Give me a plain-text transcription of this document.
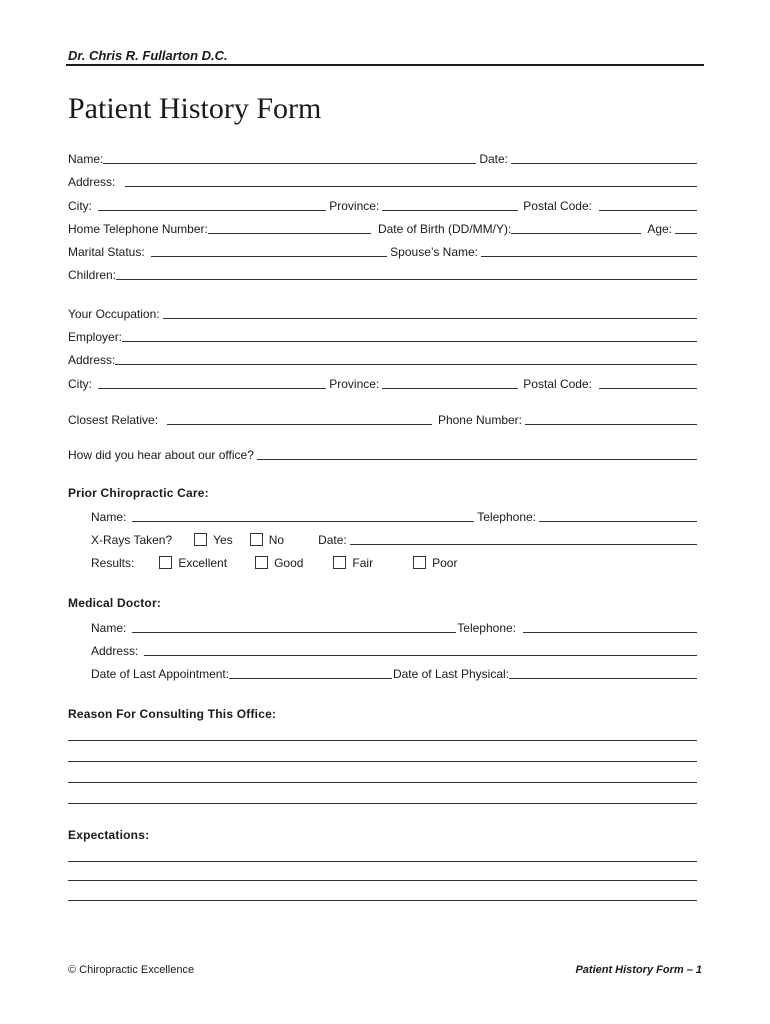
Dr. Chris R. Fullarton D.C.
Patient History Form
Name:	Date:
Address:
City:	Province:	Postal Code:
Home Telephone Number:	Date of Birth (DD/MM/Y):	Age:
Marital Status:	Spouse’s Name:
Children:
Your Occupation:
Employer:
Address:
City:	Province:	Postal Code:
Closest Relative:	Phone Number:
How did you hear about our office?
Prior Chiropractic Care:
Name:	Telephone:
X-Rays Taken?	Yes	No	Date:
Results:	Excellent	Good	Fair	Poor
Medical Doctor:
Name:	Telephone:
Address:
Date of Last Appointment:	Date of Last Physical:
Reason For Consulting This Office:
Expectations:
© Chiropractic Excellence	Patient History Form – 1
